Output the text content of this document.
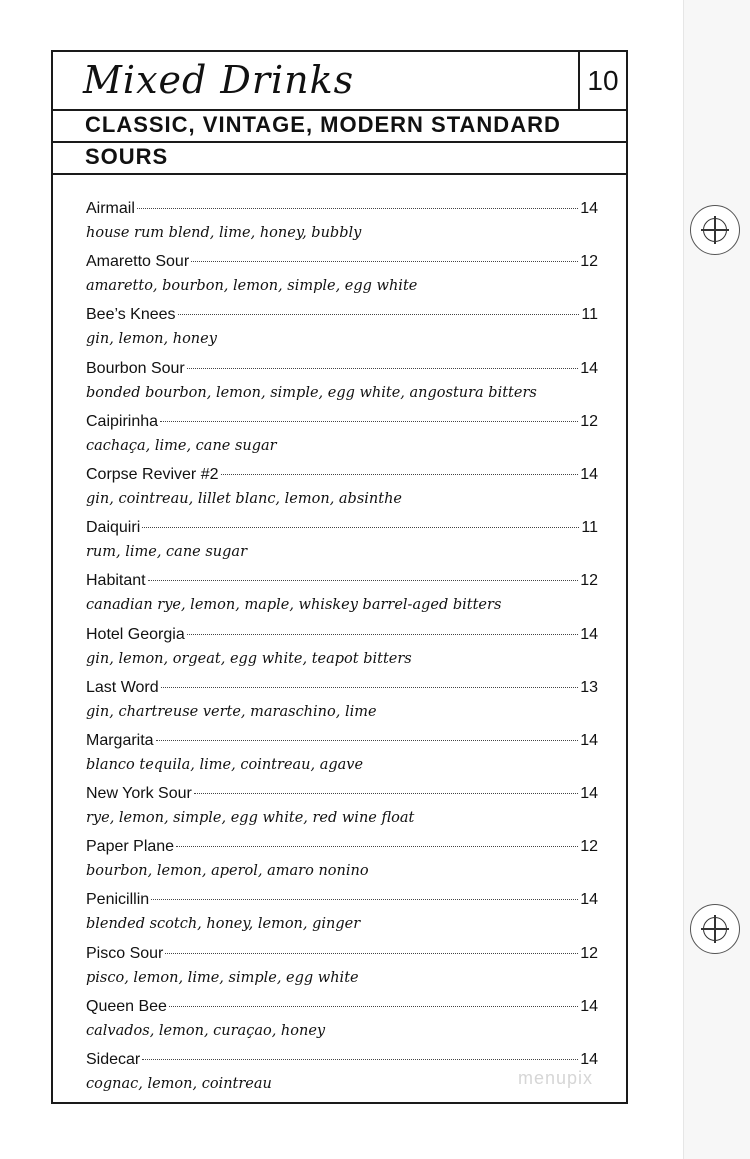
Mixed Drinks	10
CLASSIC, VINTAGE, MODERN STANDARD
SOURS
Airmail	14
house rum blend, lime, honey, bubbly
Amaretto Sour	12
amaretto, bourbon, lemon, simple, egg white
Bee’s Knees	11
gin, lemon, honey
Bourbon Sour	14
bonded bourbon, lemon, simple, egg white, angostura bitters
Caipirinha	12
cachaça, lime, cane sugar
Corpse Reviver #2	14
gin, cointreau, lillet blanc, lemon, absinthe
Daiquiri	11
rum, lime, cane sugar
Habitant	12
canadian rye, lemon, maple, whiskey barrel-aged bitters
Hotel Georgia	14
gin, lemon, orgeat, egg white, teapot bitters
Last Word	13
gin, chartreuse verte, maraschino, lime
Margarita	14
blanco tequila, lime, cointreau, agave
New York Sour	14
rye, lemon, simple, egg white, red wine float
Paper Plane	12
bourbon, lemon, aperol, amaro nonino
Penicillin	14
blended scotch, honey, lemon, ginger
Pisco Sour	12
pisco, lemon, lime, simple, egg white
Queen Bee	14
calvados, lemon, curaçao, honey
Sidecar	14
cognac, lemon, cointreau	menupix
